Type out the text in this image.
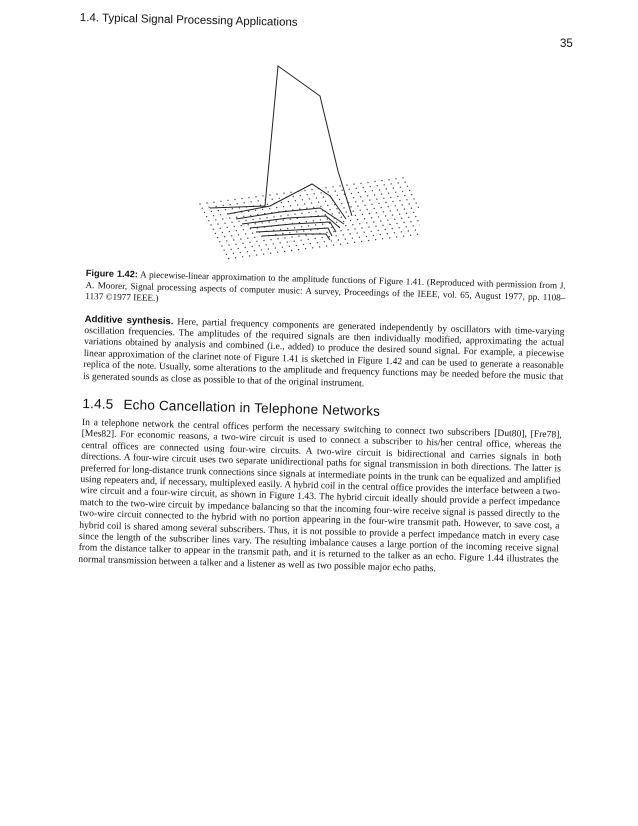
1.4. Typical Signal Processing Applications
35

Figure 1.42: A piecewise-linear approximation to the amplitude functions of Figure 1.41. (Reproduced with permission from J. A. Moorer, Signal processing aspects of computer music: A survey, Proceedings of the IEEE, vol. 65, August 1977, pp. 1108–1137 ©1977 IEEE.)

Additive synthesis. Here, partial frequency components are generated independently by oscillators with time-varying oscillation frequencies. The amplitudes of the required signals are then individually modified, approximating the actual variations obtained by analysis and combined (i.e., added) to produce the desired sound signal. For example, a piecewise linear approximation of the clarinet note of Figure 1.41 is sketched in Figure 1.42 and can be used to generate a reasonable replica of the note. Usually, some alterations to the amplitude and frequency functions may be needed before the music that is generated sounds as close as possible to that of the original instrument.

1.4.5 Echo Cancellation in Telephone Networks

In a telephone network the central offices perform the necessary switching to connect two subscribers [Dut80], [Fre78], [Mes82]. For economic reasons, a two-wire circuit is used to connect a subscriber to his/her central office, whereas the central offices are connected using four-wire circuits. A two-wire circuit is bidirectional and carries signals in both directions. A four-wire circuit uses two separate unidirectional paths for signal transmission in both directions. The latter is preferred for long-distance trunk connections since signals at intermediate points in the trunk can be equalized and amplified using repeaters and, if necessary, multiplexed easily. A hybrid coil in the central office provides the interface between a two-wire circuit and a four-wire circuit, as shown in Figure 1.43. The hybrid circuit ideally should provide a perfect impedance match to the two-wire circuit by impedance balancing so that the incoming four-wire receive signal is passed directly to the two-wire circuit connected to the hybrid with no portion appearing in the four-wire transmit path. However, to save cost, a hybrid coil is shared among several subscribers. Thus, it is not possible to provide a perfect impedance match in every case since the length of the subscriber lines vary. The resulting imbalance causes a large portion of the incoming receive signal from the distance talker to appear in the transmit path, and it is returned to the talker as an echo. Figure 1.44 illustrates the normal transmission between a talker and a listener as well as two possible major echo paths.
